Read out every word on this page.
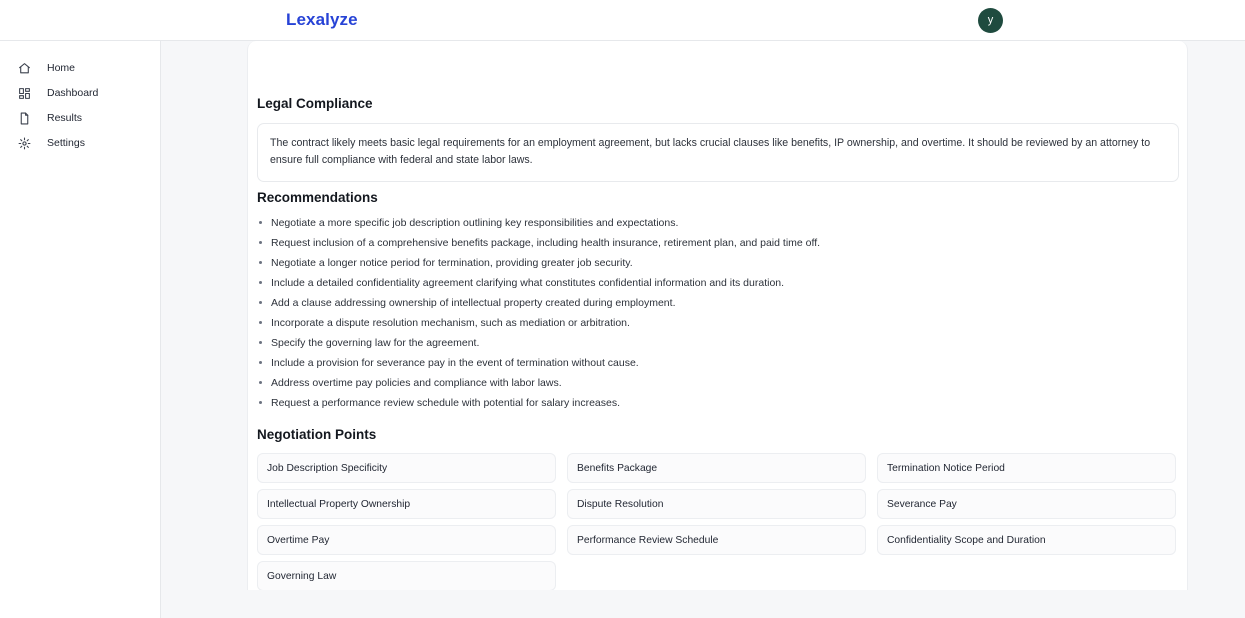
Lexalyze	y
Home
Dashboard
Results
Settings
Legal Compliance

The contract likely meets basic legal requirements for an employment agreement, but lacks crucial clauses like benefits, IP ownership, and overtime. It should be reviewed by an attorney to ensure full compliance with federal and state labor laws.

Recommendations
Negotiate a more specific job description outlining key responsibilities and expectations.
Request inclusion of a comprehensive benefits package, including health insurance, retirement plan, and paid time off.
Negotiate a longer notice period for termination, providing greater job security.
Include a detailed confidentiality agreement clarifying what constitutes confidential information and its duration.
Add a clause addressing ownership of intellectual property created during employment.
Incorporate a dispute resolution mechanism, such as mediation or arbitration.
Specify the governing law for the agreement.
Include a provision for severance pay in the event of termination without cause.
Address overtime pay policies and compliance with labor laws.
Request a performance review schedule with potential for salary increases.
Negotiation Points
Job Description Specificity	Benefits Package	Termination Notice Period
Intellectual Property Ownership	Dispute Resolution	Severance Pay
Overtime Pay	Performance Review Schedule	Confidentiality Scope and Duration
Governing Law
